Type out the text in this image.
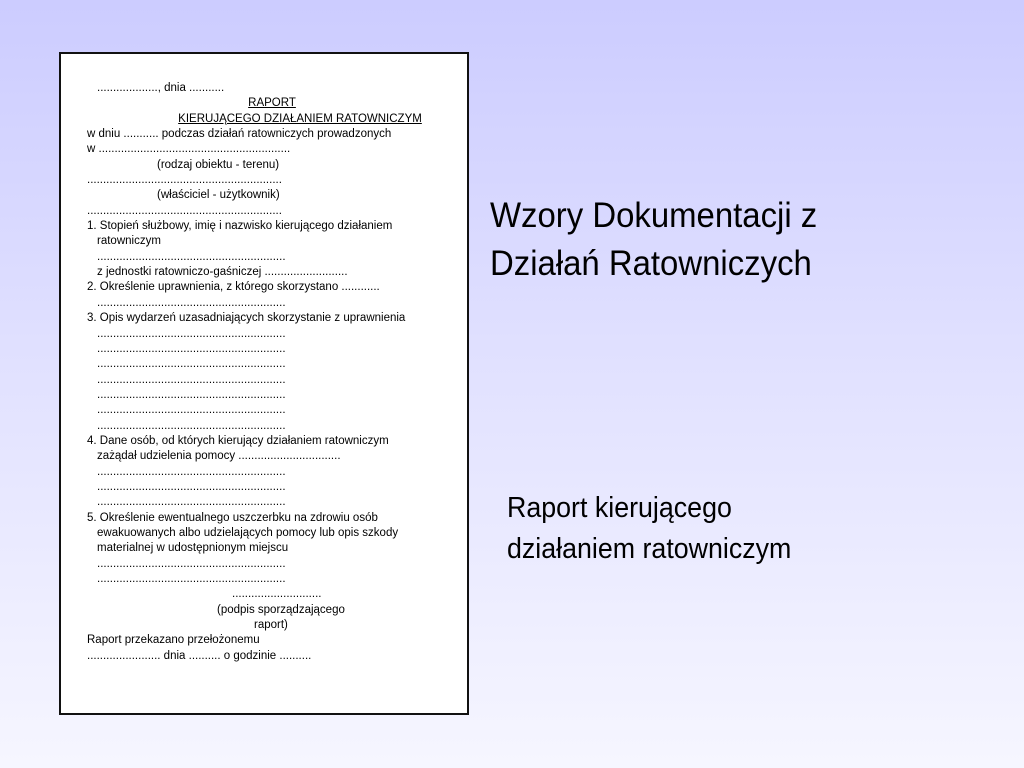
..................., dnia ...........
RAPORT
KIERUJĄCEGO DZIAŁANIEM RATOWNICZYM
w dniu ........... podczas działań ratowniczych prowadzonych
w ............................................................
(rodzaj obiektu - terenu)
.............................................................
(właściciel - użytkownik)
.............................................................
1. Stopień służbowy, imię i nazwisko kierującego działaniem
ratowniczym
...........................................................
z jednostki ratowniczo-gaśniczej ..........................
2. Określenie uprawnienia, z którego skorzystano ............
...........................................................
3. Opis wydarzeń uzasadniających skorzystanie z uprawnienia
...........................................................
...........................................................
...........................................................
...........................................................
...........................................................
...........................................................
...........................................................
4. Dane osób, od których kierujący działaniem ratowniczym
zażądał udzielenia pomocy ................................
...........................................................
...........................................................
...........................................................
5. Określenie ewentualnego uszczerbku na zdrowiu osób
ewakuowanych albo udzielających pomocy lub opis szkody
materialnej w udostępnionym miejscu
...........................................................
...........................................................
............................
(podpis sporządzającego
raport)
Raport przekazano przełożonemu
....................... dnia .......... o godzinie ..........
Wzory Dokumentacji z
Działań Ratowniczych
Raport kierującego
działaniem ratowniczym
